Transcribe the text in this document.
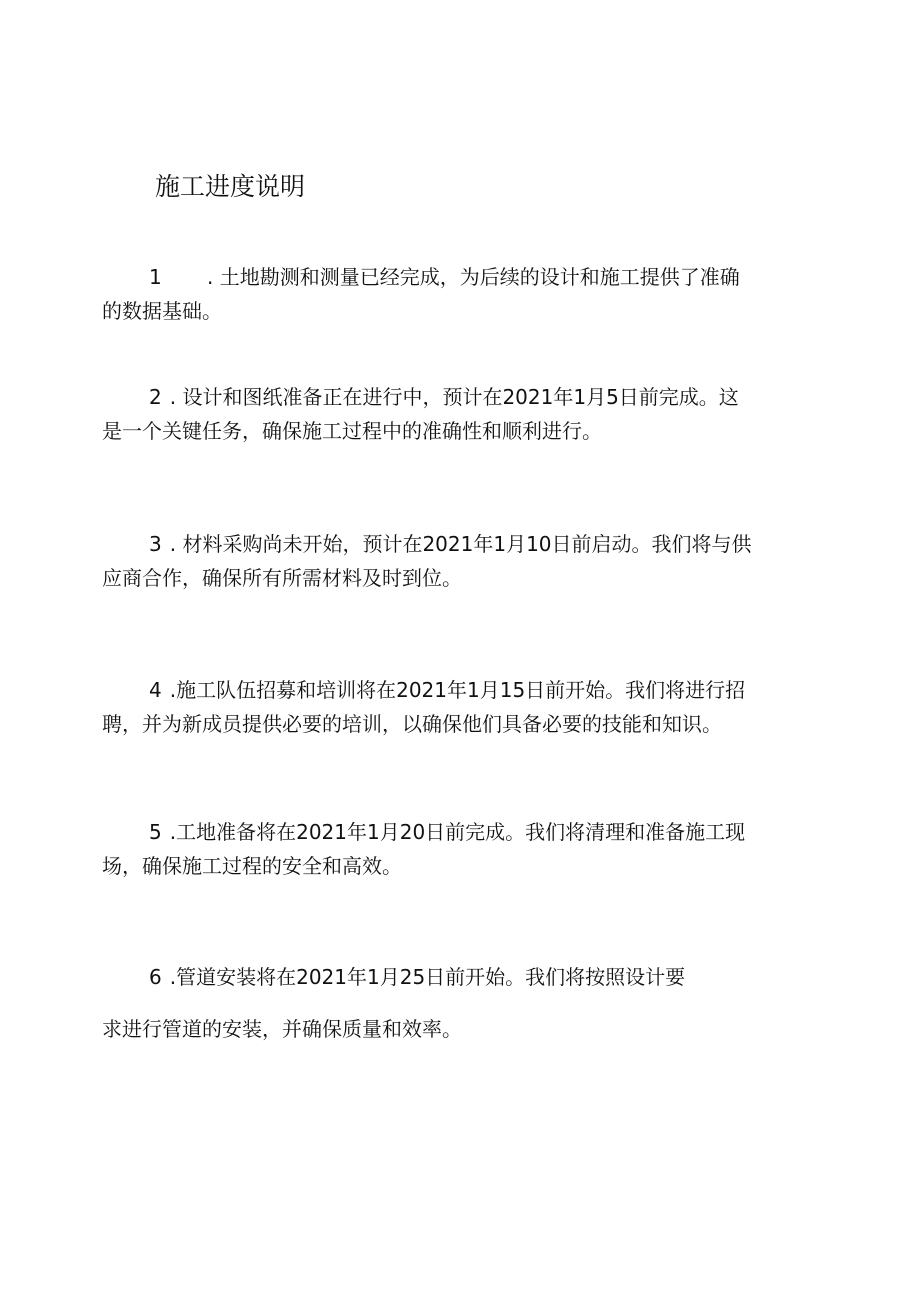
施工进度说明
1 . 土地勘测和测量已经完成，为后续的设计和施工提供了准确
的数据基础。
2 . 设计和图纸准备正在进行中，预计在2021年1月5日前完成。这
是一个关键任务，确保施工过程中的准确性和顺利进行。
3 . 材料采购尚未开始，预计在2021年1月10日前启动。我们将与供
应商合作，确保所有所需材料及时到位。
4 .施工队伍招募和培训将在2021年1月15日前开始。我们将进行招
聘，并为新成员提供必要的培训，以确保他们具备必要的技能和知识。
5 .工地准备将在2021年1月20日前完成。我们将清理和准备施工现
场，确保施工过程的安全和高效。
6 .管道安装将在2021年1月25日前开始。我们将按照设计要
求进行管道的安装，并确保质量和效率。
